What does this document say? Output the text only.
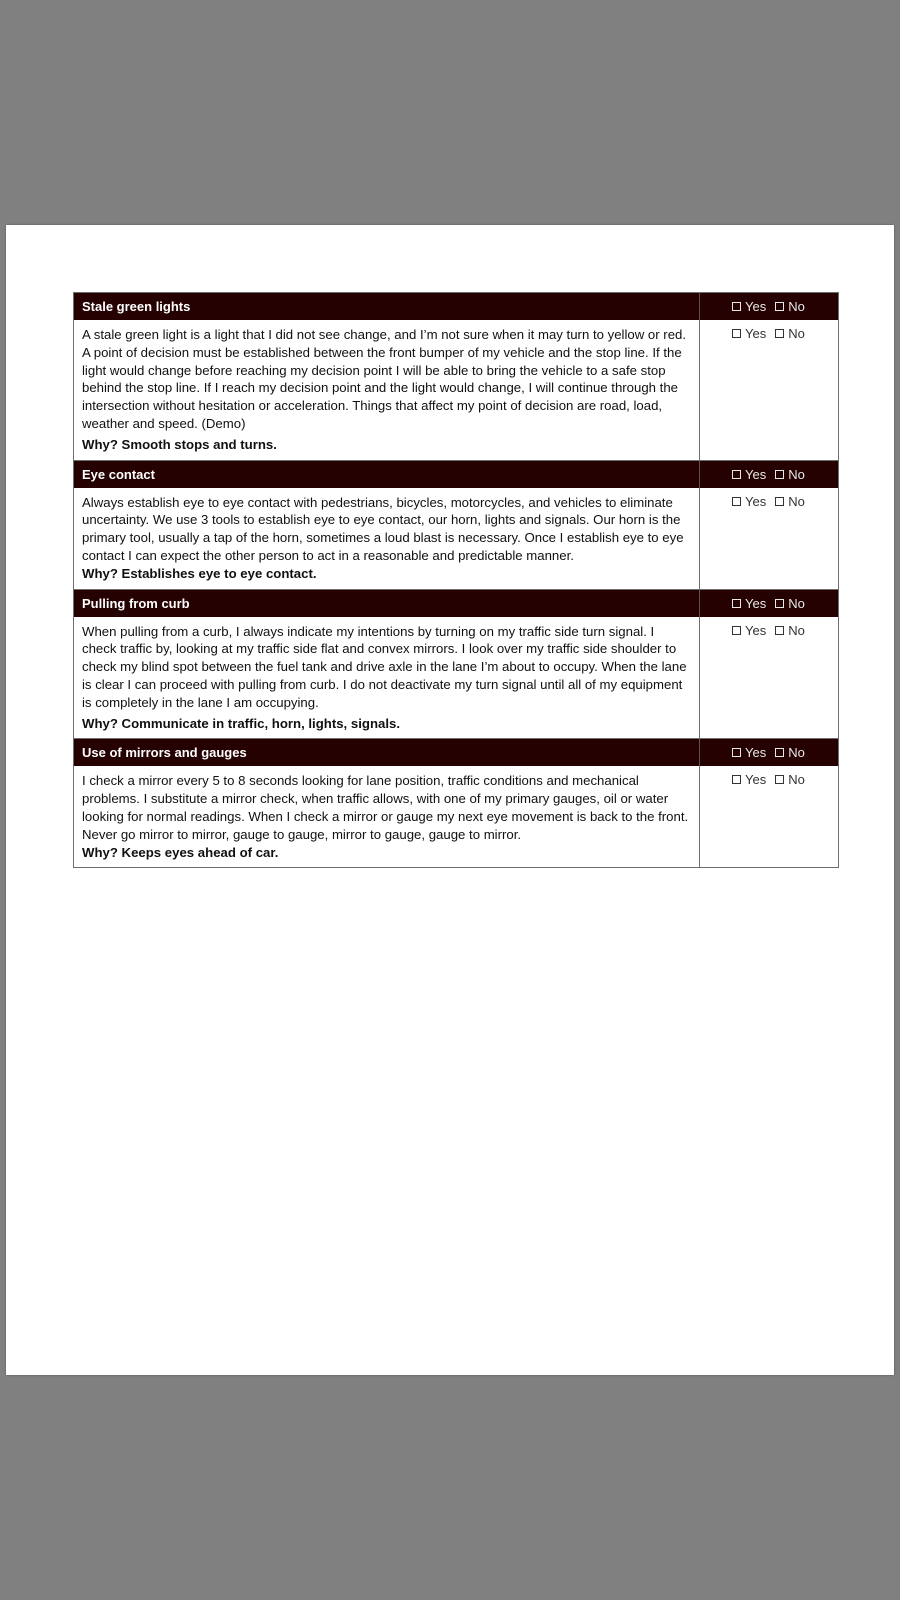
Stale green lights	Yes No
A stale green light is a light that I did not see change, and I’m not sure when it may turn to yellow or red. A point of decision must be established between the front bumper of my vehicle and the stop line. If the light would change before reaching my decision point I will be able to bring the vehicle to a safe stop behind the stop line. If I reach my decision point and the light would change, I will continue through the intersection without hesitation or acceleration. Things that affect my point of decision are road, load, weather and speed. (Demo)
Why? Smooth stops and turns.
Yes No
Eye contact	Yes No
Always establish eye to eye contact with pedestrians, bicycles, motorcycles, and vehicles to eliminate uncertainty. We use 3 tools to establish eye to eye contact, our horn, lights and signals. Our horn is the primary tool, usually a tap of the horn, sometimes a loud blast is necessary. Once I establish eye to eye contact I can expect the other person to act in a reasonable and predictable manner.
Why? Establishes eye to eye contact.
Yes No
Pulling from curb	Yes No
When pulling from a curb, I always indicate my intentions by turning on my traffic side turn signal. I check traffic by, looking at my traffic side flat and convex mirrors. I look over my traffic side shoulder to check my blind spot between the fuel tank and drive axle in the lane I’m about to occupy. When the lane is clear I can proceed with pulling from curb. I do not deactivate my turn signal until all of my equipment is completely in the lane I am occupying.
Why? Communicate in traffic, horn, lights, signals.
Yes No
Use of mirrors and gauges	Yes No
I check a mirror every 5 to 8 seconds looking for lane position, traffic conditions and mechanical problems. I substitute a mirror check, when traffic allows, with one of my primary gauges, oil or water looking for normal readings. When I check a mirror or gauge my next eye movement is back to the front. Never go mirror to mirror, gauge to gauge, mirror to gauge, gauge to mirror.
Why? Keeps eyes ahead of car.
Yes No
